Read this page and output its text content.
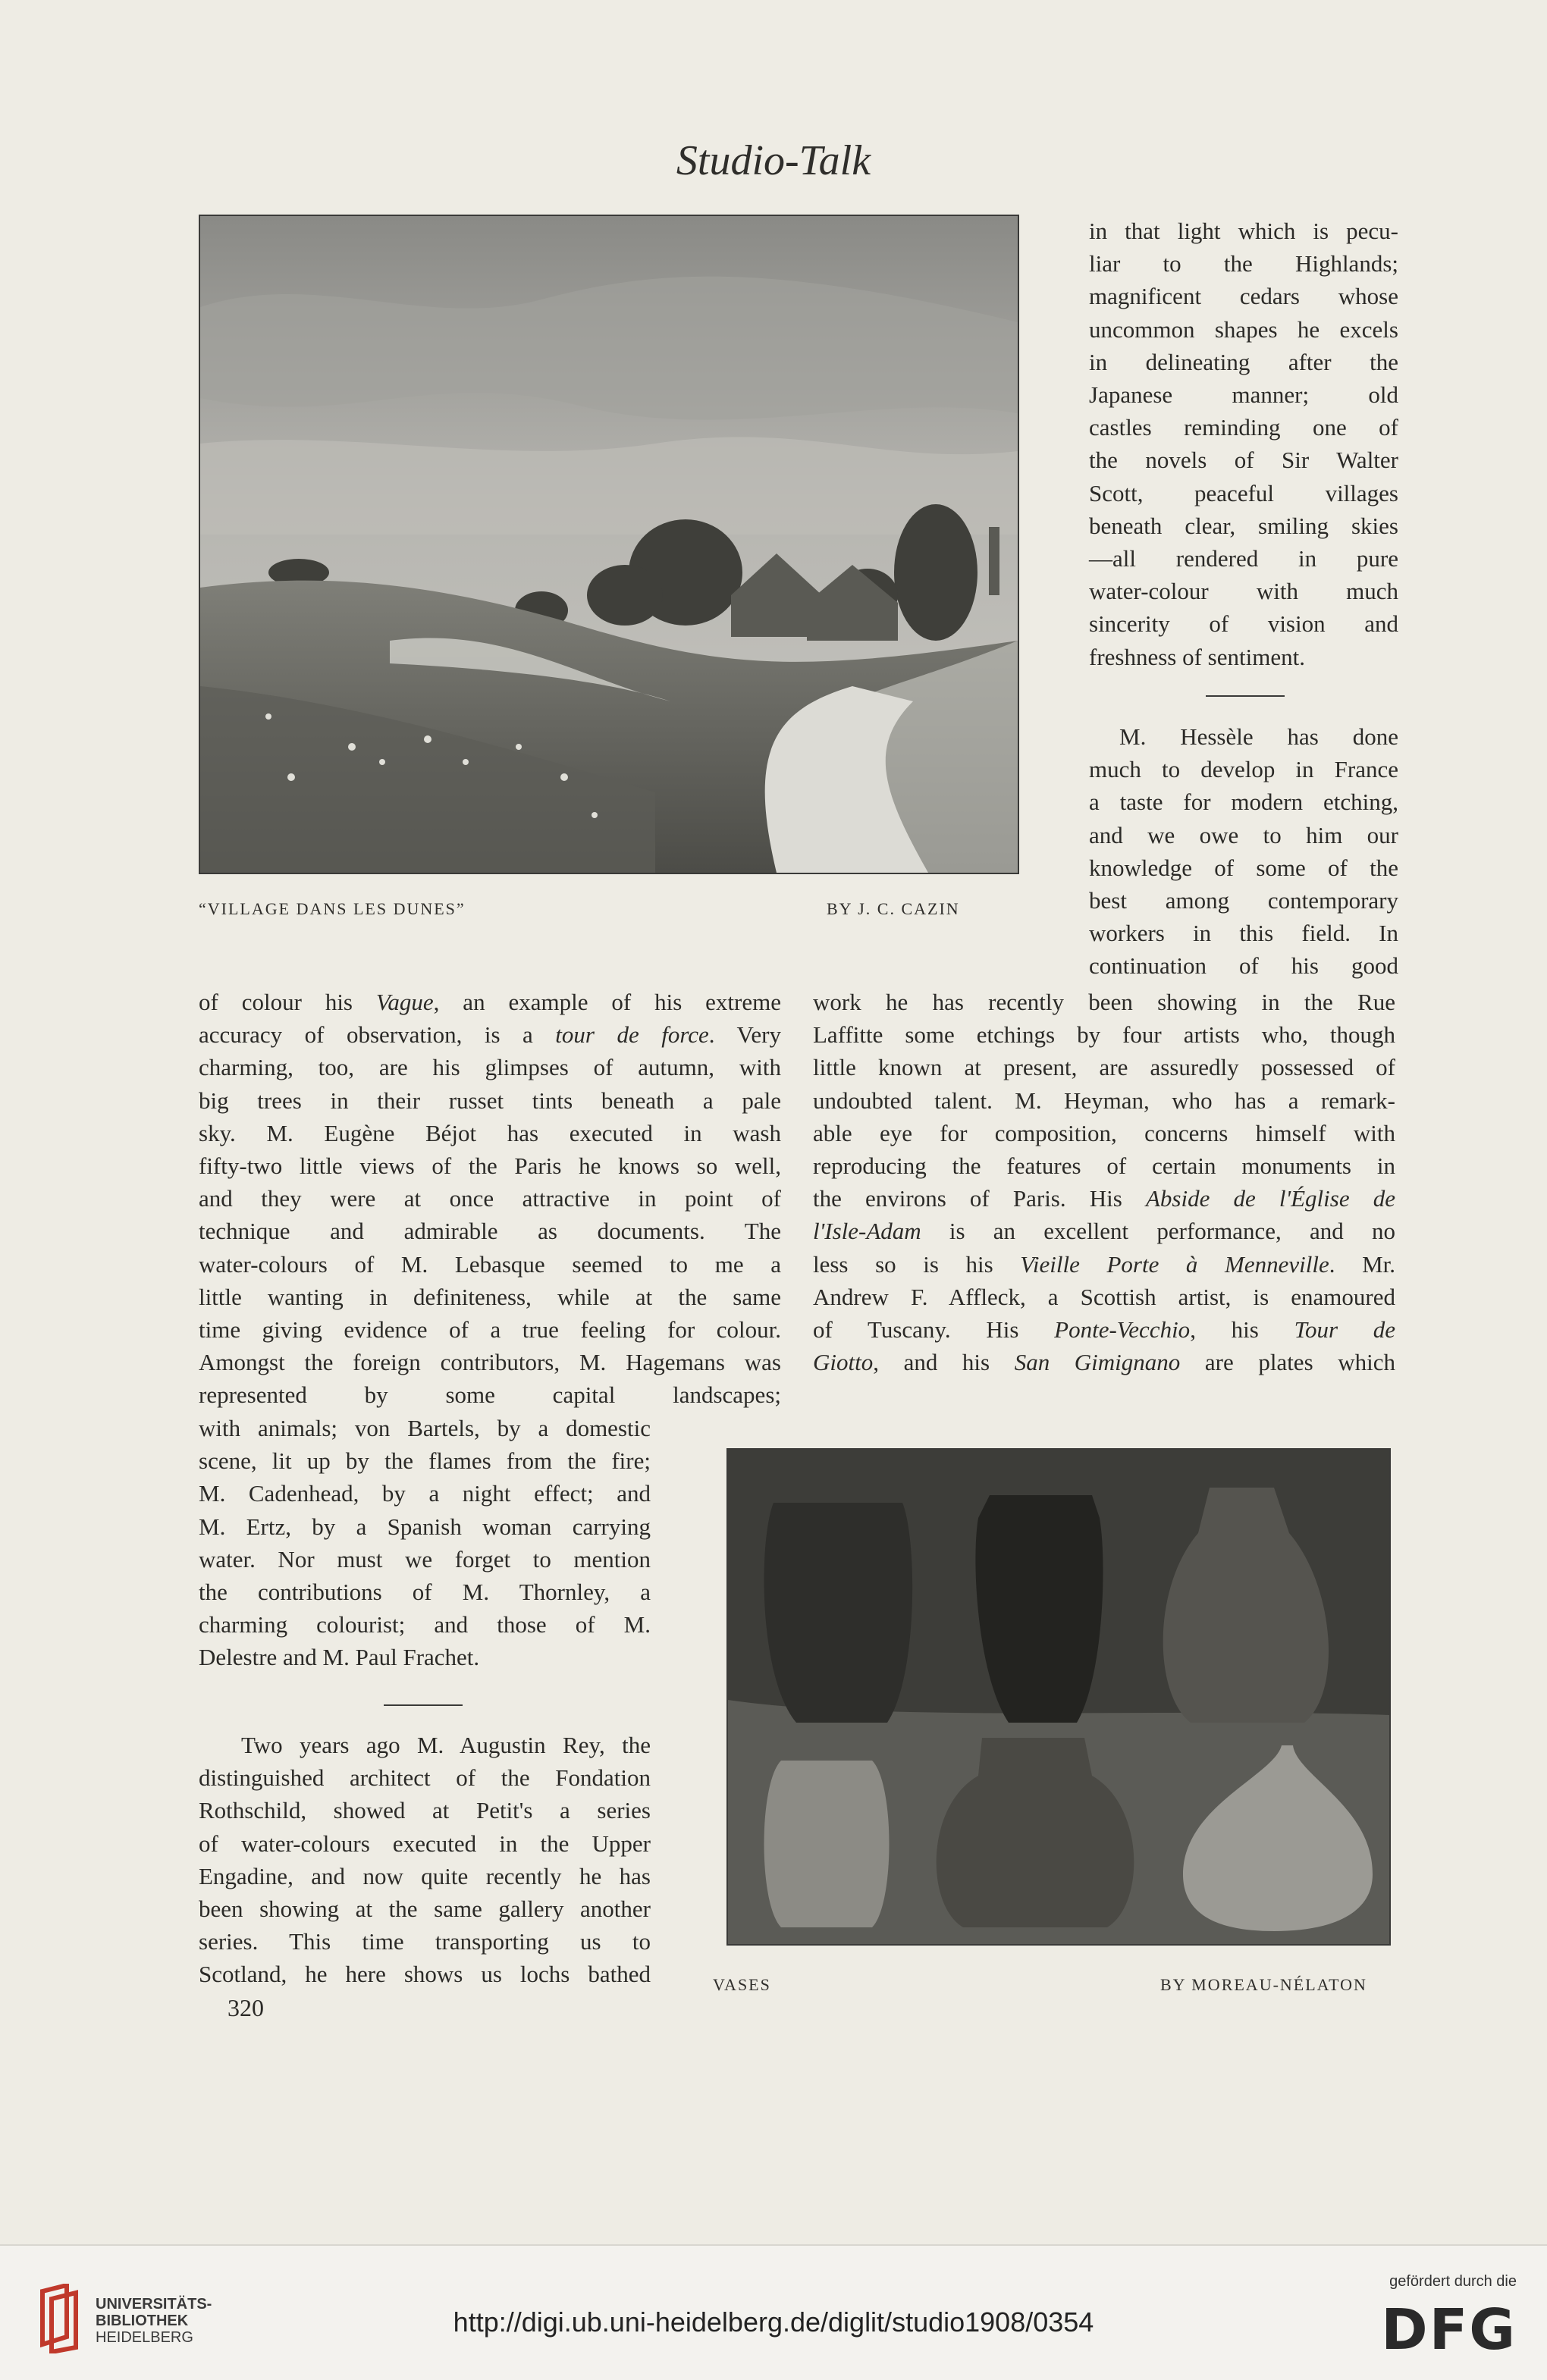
Studio-Talk
“VILLAGE DANS LES DUNES”	BY J. C. CAZIN
in that light which is pecu-
liar to the Highlands;
magnificent cedars whose
uncommon shapes he excels
in delineating after the
Japanese manner; old
castles reminding one of
the novels of Sir Walter
Scott, peaceful villages
beneath clear, smiling skies
—all rendered in pure
water-colour with much
sincerity of vision and
freshness of sentiment.
M. Hessèle has done
much to develop in France
a taste for modern etching,
and we owe to him our
knowledge of some of the
best among contemporary
workers in this field. In
continuation of his good
of colour his Vague, an example of his extreme
accuracy of observation, is a tour de force. Very
charming, too, are his glimpses of autumn, with
big trees in their russet tints beneath a pale
sky. M. Eugène Béjot has executed in wash
fifty-two little views of the Paris he knows so well,
and they were at once attractive in point of
technique and admirable as documents. The
water-colours of M. Lebasque seemed to me a
little wanting in definiteness, while at the same
time giving evidence of a true feeling for colour.
Amongst the foreign contributors, M. Hagemans was
represented by some capital landscapes;
work he has recently been showing in the Rue
Laffitte some etchings by four artists who, though
little known at present, are assuredly possessed of
undoubted talent. M. Heyman, who has a remark-
able eye for composition, concerns himself with
reproducing the features of certain monuments in
the environs of Paris. His Abside de l'Église de
l'Isle-Adam is an excellent performance, and no
less so is his Vieille Porte à Menneville. Mr.
Andrew F. Affleck, a Scottish artist, is enamoured
of Tuscany. His Ponte-Vecchio, his Tour de
Giotto, and his San Gimignano are plates which
with animals; von Bartels, by a domestic
scene, lit up by the flames from the fire;
M. Cadenhead, by a night effect; and
M. Ertz, by a Spanish woman carrying
water. Nor must we forget to mention
the contributions of M. Thornley, a
charming colourist; and those of M.
Delestre and M. Paul Frachet.
Two years ago M. Augustin Rey, the
distinguished architect of the Fondation
Rothschild, showed at Petit's a series
of water-colours executed in the Upper
Engadine, and now quite recently he has
been showing at the same gallery another
series. This time transporting us to
Scotland, he here shows us lochs bathed	VASES	BY MOREAU-NÉLATON
320
UNIVERSITÄTS-
BIBLIOTHEK
HEIDELBERG	http://digi.ub.uni-heidelberg.de/diglit/studio1908/0354
gefördert durch die
DFG
